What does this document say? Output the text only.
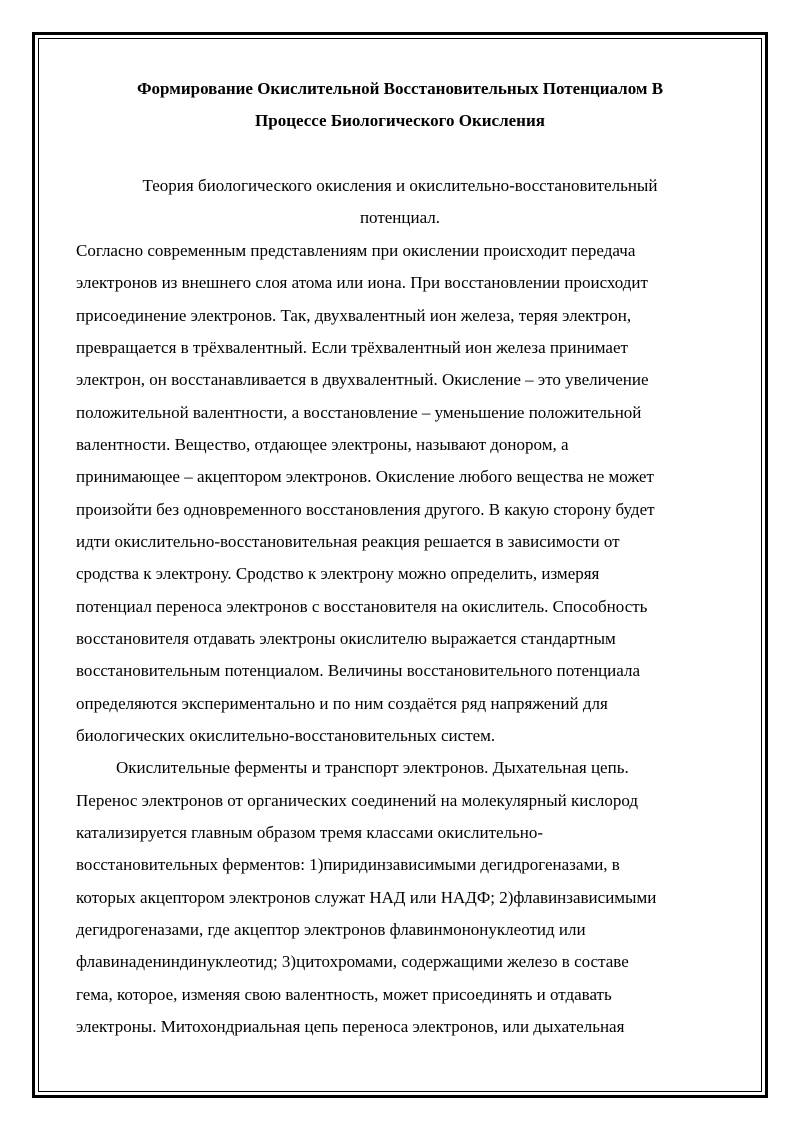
Формирование Окислительной Восстановительных Потенциалом В
Процессе Биологического Окисления
Теория биологического окисления и окислительно-восстановительный
потенциал.
Согласно современным представлениям при окислении происходит передача
электронов из внешнего слоя атома или иона. При восстановлении происходит
присоединение электронов. Так, двухвалентный ион железа, теряя электрон,
превращается в трёхвалентный. Если трёхвалентный ион железа принимает
электрон, он восстанавливается в двухвалентный. Окисление – это увеличение
положительной валентности, а восстановление – уменьшение положительной
валентности. Вещество, отдающее электроны, называют донором, а
принимающее – акцептором электронов. Окисление любого вещества не может
произойти без одновременного восстановления другого. В какую сторону будет
идти окислительно-восстановительная реакция решается в зависимости от
сродства к электрону. Сродство к электрону можно определить, измеряя
потенциал переноса электронов с восстановителя на окислитель. Способность
восстановителя отдавать электроны окислителю выражается стандартным
восстановительным потенциалом. Величины восстановительного потенциала
определяются экспериментально и по ним создаётся ряд напряжений для
биологических окислительно-восстановительных систем.
Окислительные ферменты и транспорт электронов. Дыхательная цепь.
Перенос электронов от органических соединений на молекулярный кислород
катализируется главным образом тремя классами окислительно-
восстановительных ферментов: 1)пиридинзависимыми дегидрогеназами, в
которых акцептором электронов служат НАД или НАДФ; 2)флавинзависимыми
дегидрогеназами, где акцептор электронов флавинмононуклеотид или
флавинадениндинуклеотид; 3)цитохромами, содержащими железо в составе
гема, которое, изменяя свою валентность, может присоединять и отдавать
электроны. Митохондриальная цепь переноса электронов, или дыхательная
